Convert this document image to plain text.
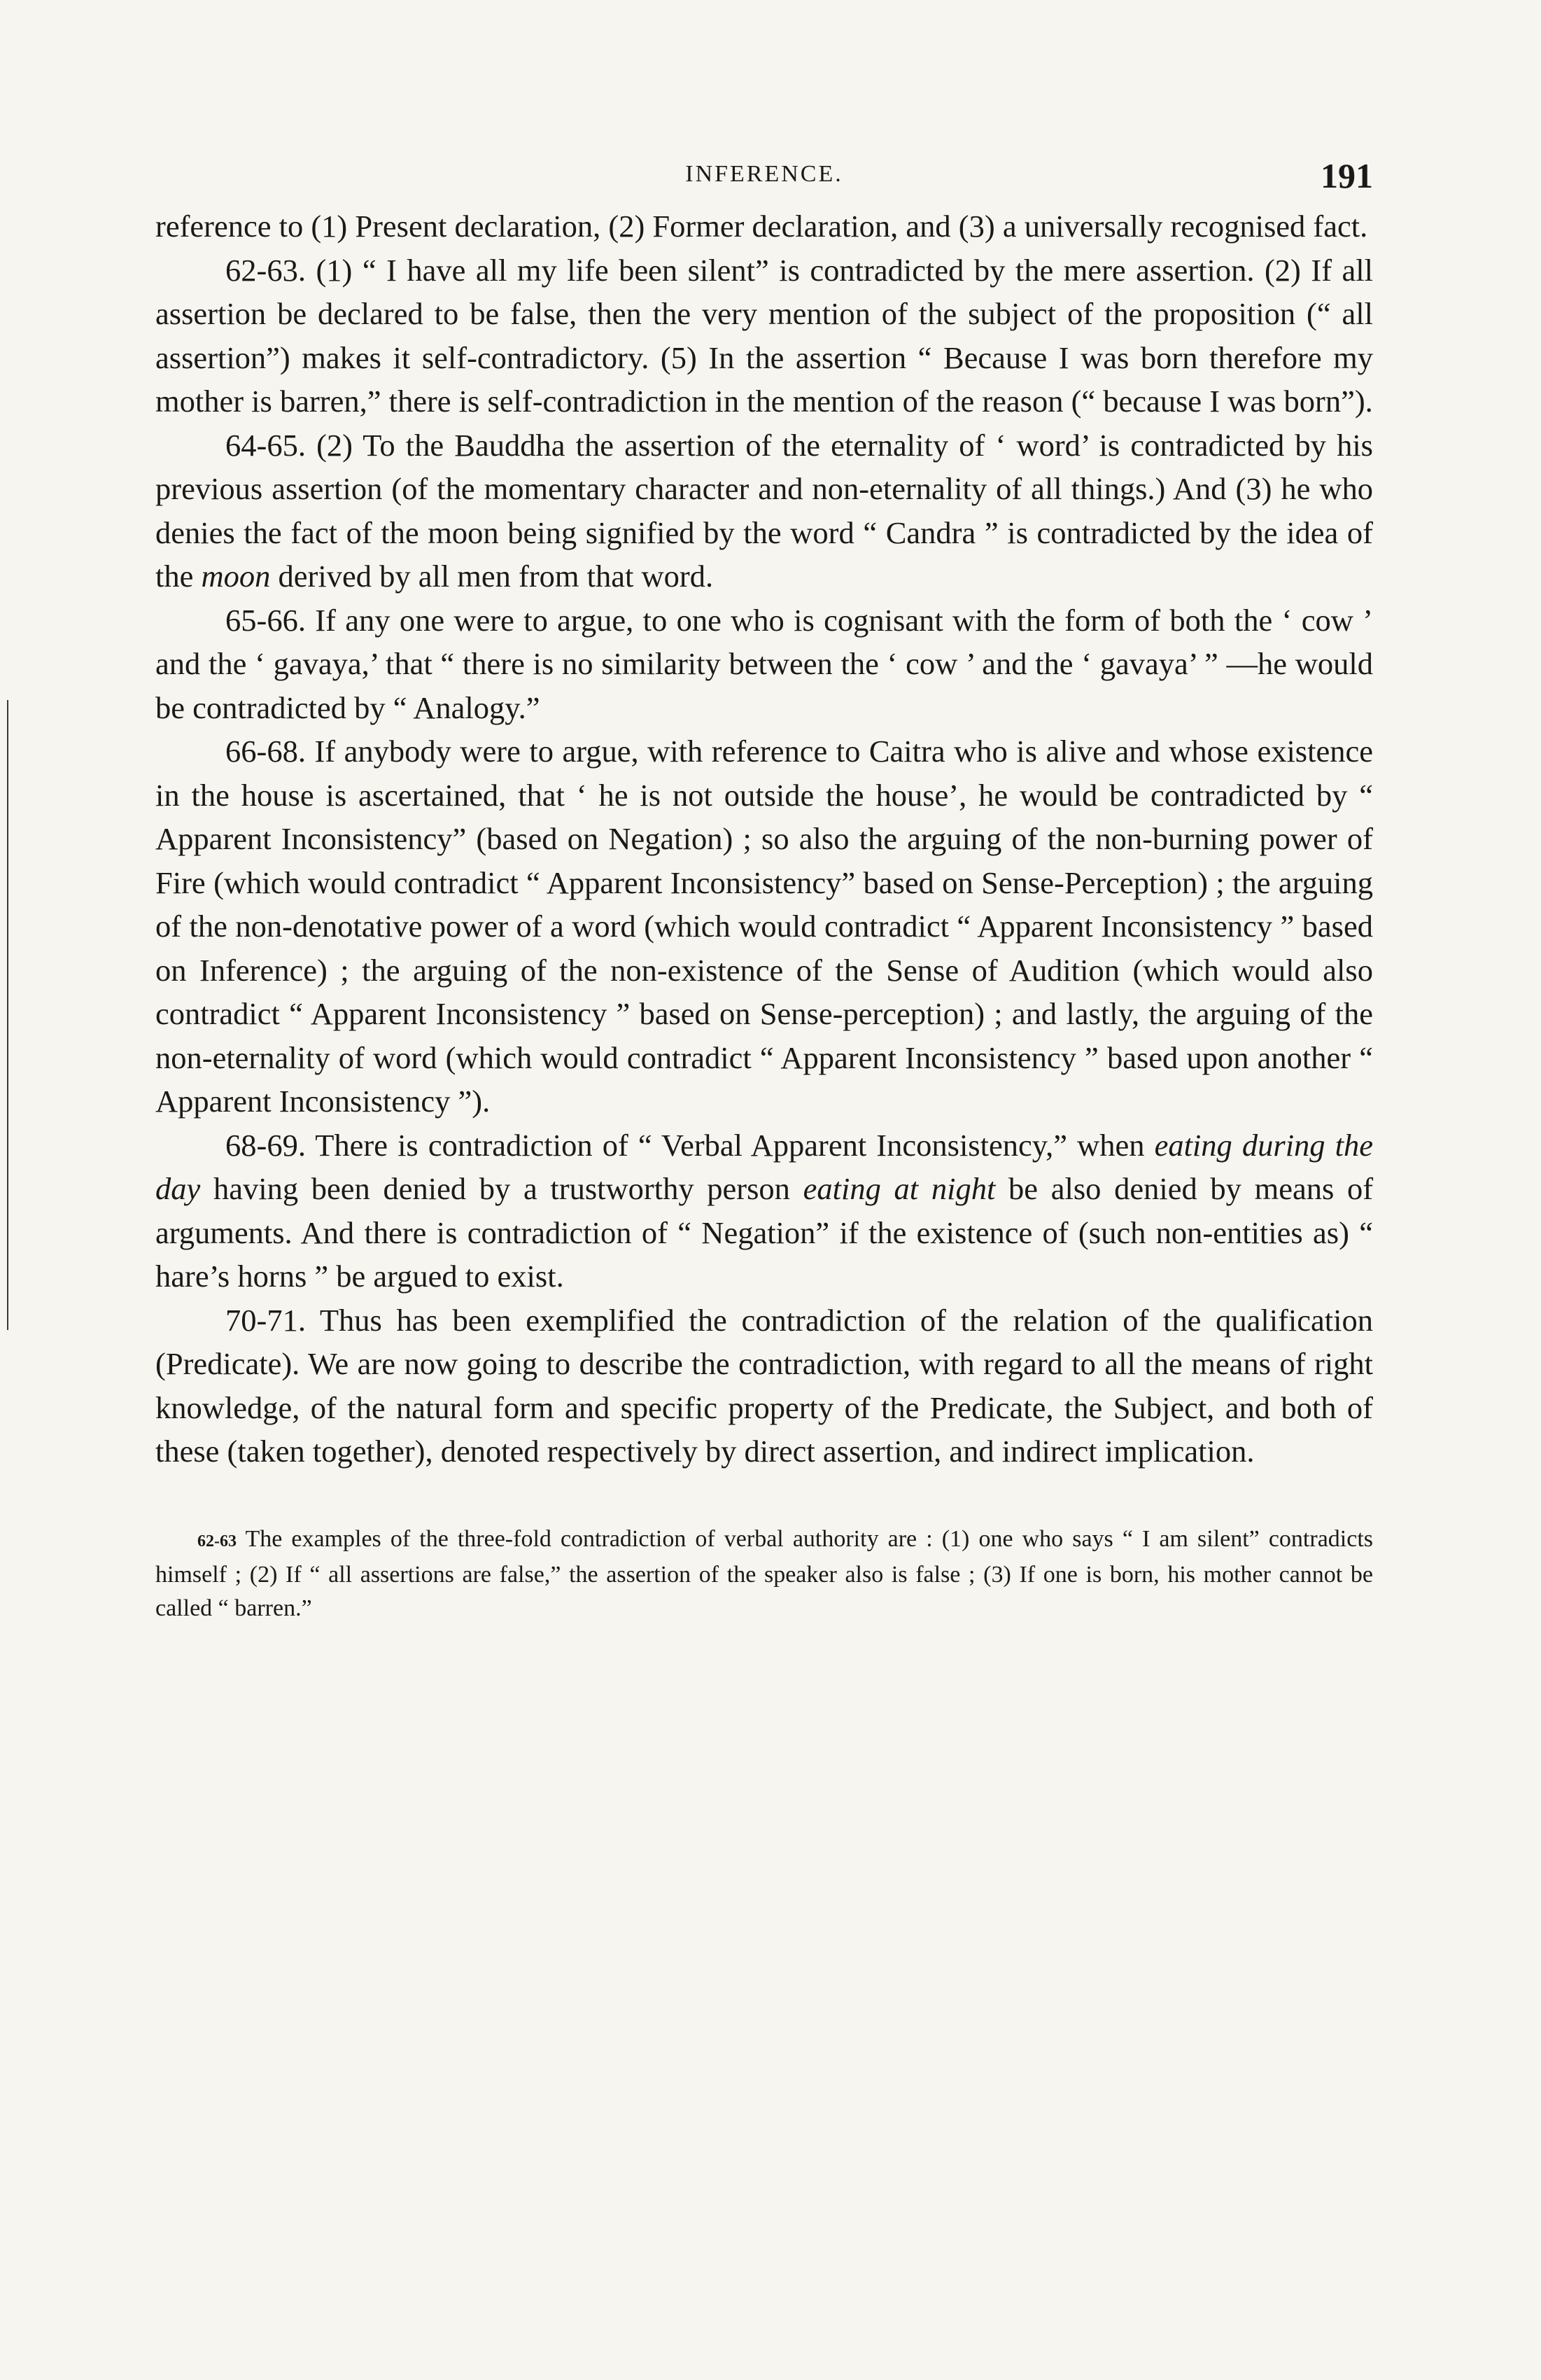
INFERENCE.	191

reference to (1) Present declaration, (2) Former declaration, and (3) a universally recognised fact.

62-63. (1) “ I have all my life been silent” is contradicted by the mere assertion. (2) If all assertion be declared to be false, then the very mention of the subject of the proposition (“ all assertion”) makes it self-contradictory. (5) In the assertion “ Because I was born therefore my mother is barren,” there is self-contradiction in the mention of the reason (“ because I was born”).

64-65. (2) To the Bauddha the assertion of the eternality of ‘ word’ is contradicted by his previous assertion (of the momentary character and non-eternality of all things.) And (3) he who denies the fact of the moon being signified by the word “ Candra ” is contradicted by the idea of the moon derived by all men from that word.

65-66. If any one were to argue, to one who is cognisant with the form of both the ‘ cow ’ and the ‘ gavaya,’ that “ there is no similarity between the ‘ cow ’ and the ‘ gavaya’ ” —he would be contradicted by “ Analogy.”

66-68. If anybody were to argue, with reference to Caitra who is alive and whose existence in the house is ascertained, that ‘ he is not outside the house’, he would be contradicted by “ Apparent Inconsistency” (based on Negation) ; so also the arguing of the non-burning power of Fire (which would contradict “ Apparent Inconsistency” based on Sense-Perception) ; the arguing of the non-denotative power of a word (which would contradict “ Apparent Inconsistency ” based on Inference) ; the arguing of the non-existence of the Sense of Audition (which would also contradict “ Apparent Inconsistency ” based on Sense-perception) ; and lastly, the arguing of the non-eternality of word (which would contradict “ Apparent Inconsistency ” based upon another “ Apparent Inconsistency ”).

68-69. There is contradiction of “ Verbal Apparent Inconsistency,” when eating during the day having been denied by a trustworthy person eating at night be also denied by means of arguments. And there is contradiction of “ Negation” if the existence of (such non-entities as) “ hare’s horns ” be argued to exist.

70-71. Thus has been exemplified the contradiction of the relation of the qualification (Predicate). We are now going to describe the contradiction, with regard to all the means of right knowledge, of the natural form and specific property of the Predicate, the Subject, and both of these (taken together), denoted respectively by direct assertion, and indirect implication.

62-63 The examples of the three-fold contradiction of verbal authority are : (1) one who says “ I am silent” contradicts himself ; (2) If “ all assertions are false,” the assertion of the speaker also is false ; (3) If one is born, his mother cannot be called “ barren.”
